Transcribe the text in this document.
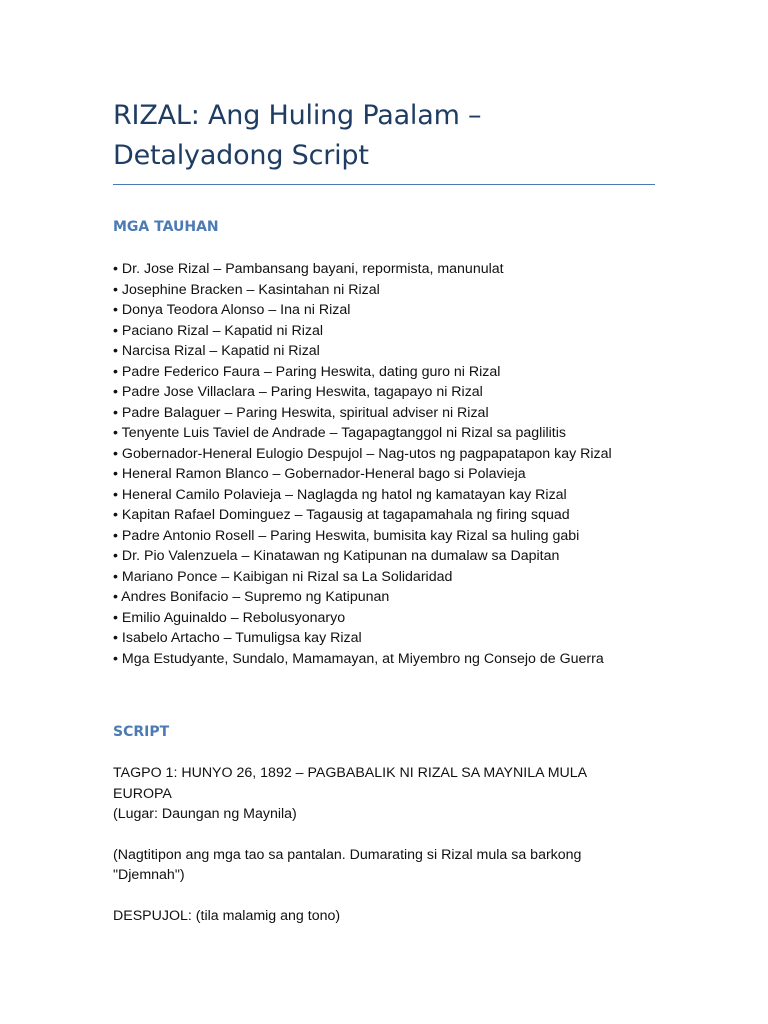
RIZAL: Ang Huling Paalam – Detalyadong Script
MGA TAUHAN
• Dr. Jose Rizal – Pambansang bayani, repormista, manunulat
• Josephine Bracken – Kasintahan ni Rizal
• Donya Teodora Alonso – Ina ni Rizal
• Paciano Rizal – Kapatid ni Rizal
• Narcisa Rizal – Kapatid ni Rizal
• Padre Federico Faura – Paring Heswita, dating guro ni Rizal
• Padre Jose Villaclara – Paring Heswita, tagapayo ni Rizal
• Padre Balaguer – Paring Heswita, spiritual adviser ni Rizal
• Tenyente Luis Taviel de Andrade – Tagapagtanggol ni Rizal sa paglilitis
• Gobernador-Heneral Eulogio Despujol – Nag-utos ng pagpapatapon kay Rizal
• Heneral Ramon Blanco – Gobernador-Heneral bago si Polavieja
• Heneral Camilo Polavieja – Naglagda ng hatol ng kamatayan kay Rizal
• Kapitan Rafael Dominguez – Tagausig at tagapamahala ng firing squad
• Padre Antonio Rosell – Paring Heswita, bumisita kay Rizal sa huling gabi
• Dr. Pio Valenzuela – Kinatawan ng Katipunan na dumalaw sa Dapitan
• Mariano Ponce – Kaibigan ni Rizal sa La Solidaridad
• Andres Bonifacio – Supremo ng Katipunan
• Emilio Aguinaldo – Rebolusyonaryo
• Isabelo Artacho – Tumuligsa kay Rizal
• Mga Estudyante, Sundalo, Mamamayan, at Miyembro ng Consejo de Guerra
SCRIPT

TAGPO 1: HUNYO 26, 1892 – PAGBABALIK NI RIZAL SA MAYNILA MULA EUROPA
(Lugar: Daungan ng Maynila)

(Nagtitipon ang mga tao sa pantalan. Dumarating si Rizal mula sa barkong "Djemnah")

DESPUJOL: (tila malamig ang tono)
